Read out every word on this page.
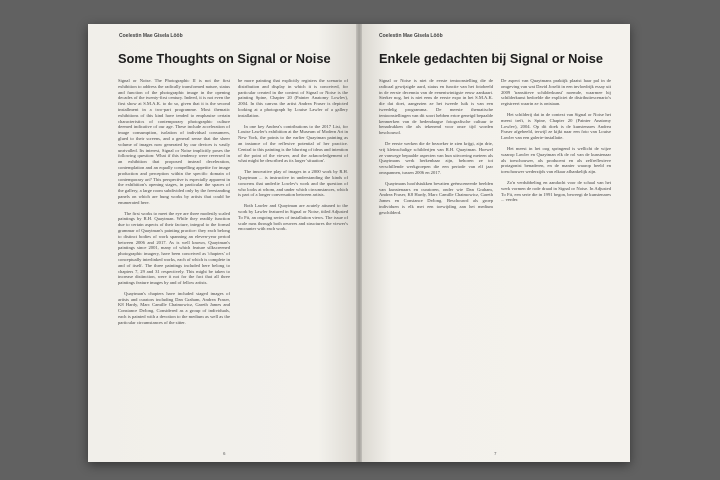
Coelestin Mae Gisela Lööb
Some Thoughts on Signal or Noise

Signal or Noise. The Photographic II is not the first exhibition to address the radically transformed nature, status and function of the photographic image in the opening decades of the twenty-first century. Indeed, it is not even the first show at S.M.A.K. to do so, given that it is the second installment in a two-part programme. Most thematic exhibitions of this kind have tended to emphasise certain characteristics of contemporary photographic culture deemed indicative of our age. These include acceleration of image consumption, isolation of individual consumers, glued to their screens, and a general sense that the sheer volume of images now generated by our devices is vastly unrivalled. Its interest, Signal or Noise implicitly poses the following question: What if this tendency were reversed in an exhibition that proposed instead deceleration, contemplation and an equally compelling appetite for image production and perception within the specific domain of contemporary art? This perspective is especially apparent in the exhibition's opening stages, in particular the spaces of the gallery, a large room subdivided only by the freestanding panels on which are hung works by artists that could be enumerated here.

The first works to meet the eye are three modestly scaled paintings by R.H. Quaytman. While they readily function due to certain aspects of their facture, integral to the formal grammar of Quaytman's painting practice: they each belong to distinct bodies of work spanning an eleven-year period between 2006 and 2017. As is well known, Quaytman's paintings since 2001, many of which feature silkscreened photographic imagery, have been conceived as 'chapters' of conceptually interlinked works, each of which is complete in and of itself. The three paintings included here belong to chapters 7, 29 and 31 respectively. This might be taken to increase distinction, were it not for the fact that all three paintings feature images by and of fellow artists.

Quaytman's chapters have included staged images of artists and curators including Dan Graham, Andrea Fraser, K8 Hardy, Marc Camille Chaimowicz, Gareth James and Constance DeJong. Considered as a group of individuals, each is painted with a devotion to the medium as well as the particular circumstances of the sitter.

be more painting that explicitly registers the scenario of distribution and display in which it is conceived, for particular created in the context of Signal or Noise is the painting Spine, Chapter 20 (Painter Anatomy Lowlev), 2004. In this canvas the artist Andrea Fraser is depicted looking at a photograph by Louise Lawler of a gallery installation.

In one key Andrea's contributions to the 2017 List, for Louise Lawler's exhibition at the Museum of Modern Art in New York, the points to the earlier Quaytman painting as an instance of the reflexive potential of her practice. Central to this painting is the blurring of ideas and intention of the point of the viewer, and the acknowledgement of what might be described as its larger 'situation'.

The innovative play of images in a 2000 work by R.H. Quaytman ... is instructive in understanding the kinds of concerns that underlie Lowlev's work and the question of who looks at whom, and under which circumstances, which is part of a longer conversation between artists.

Both Lawler and Quaytman are acutely attuned to the work by Lawler featured in Signal or Noise, titled Adjusted To Fit, an ongoing series of installation views. The issue of scale runs through both oeuvres and structures the viewer's encounter with each work.

6
Coelestin Mae Gisela Lööb
Enkele gedachten bij Signal or Noise

Signal or Noise is niet de eerste tentoonstelling die de radicaal gewijzigde aard, status en functie van het fotobeeld in de eerste decennia van de eenentwintigste eeuw aankaart. Sterker nog, het is niet eens de eerste expo in het S.M.A.K. die dat doet, aangezien ze het tweede luik is van een tweedelig programma. De meeste thematische tentoonstellingen van dit soort hebben ertoe geneigd bepaalde kenmerken van de hedendaagse fotografische cultuur te benadrukken die als tekenend voor onze tijd worden beschouwd.

De eerste werken die de bezoeker te zien krijgt, zijn drie, vrij kleinschalige schilderijen van R.H. Quaytman. Hoewel ze vanwege bepaalde aspecten van hun uitvoering meteen als Quaytmans werk herkenbaar zijn, behoren ze tot verschillende werkgroepen die een periode van elf jaar omspannen, tussen 2006 en 2017.

Quaytmans hoofdstukken bevatten geënsceneerde beelden van kunstenaars en curatoren, onder wie Dan Graham, Andrea Fraser, K8 Hardy, Marc Camille Chaimowicz, Gareth James en Constance DeJong. Beschouwd als groep individuen is elk met een toewijding aan het medium geschilderd.

De aspect van Quaytmans praktijk plaatst haar pal in de omgeving van wat David Joselit in een invloedrijk essay uit 2009 'transitieve schilderkunst' noemde, waarmee hij schilderkunst bedoelde die expliciet de distributiescenario's registreert waarin ze is ontstaan.

Het schilderij dat in de context van Signal or Noise het meest treft, is Spine, Chapter 20 (Painter Anatomy Lowlev), 2004. Op dit doek is de kunstenares Andrea Fraser afgebeeld, terwijl ze kijkt naar een foto van Louise Lawler van een galerie-installatie.

Het meest in het oog springend is wellicht de wijze waarop Lawler en Quaytman elk de rol van de kunstenaar als toeschouwer, als producent en als zelfreflexieve protagonist benaderen, en de manier waarop beeld en toeschouwer wederzijds van elkaar afhankelijk zijn.

Zo'n verdubbeling en aandacht voor de schaal van het werk vormen de rode draad in Signal or Noise. In Adjusted To Fit, een serie die in 1991 begon, beweegt de kunstenares ... verder.

7
